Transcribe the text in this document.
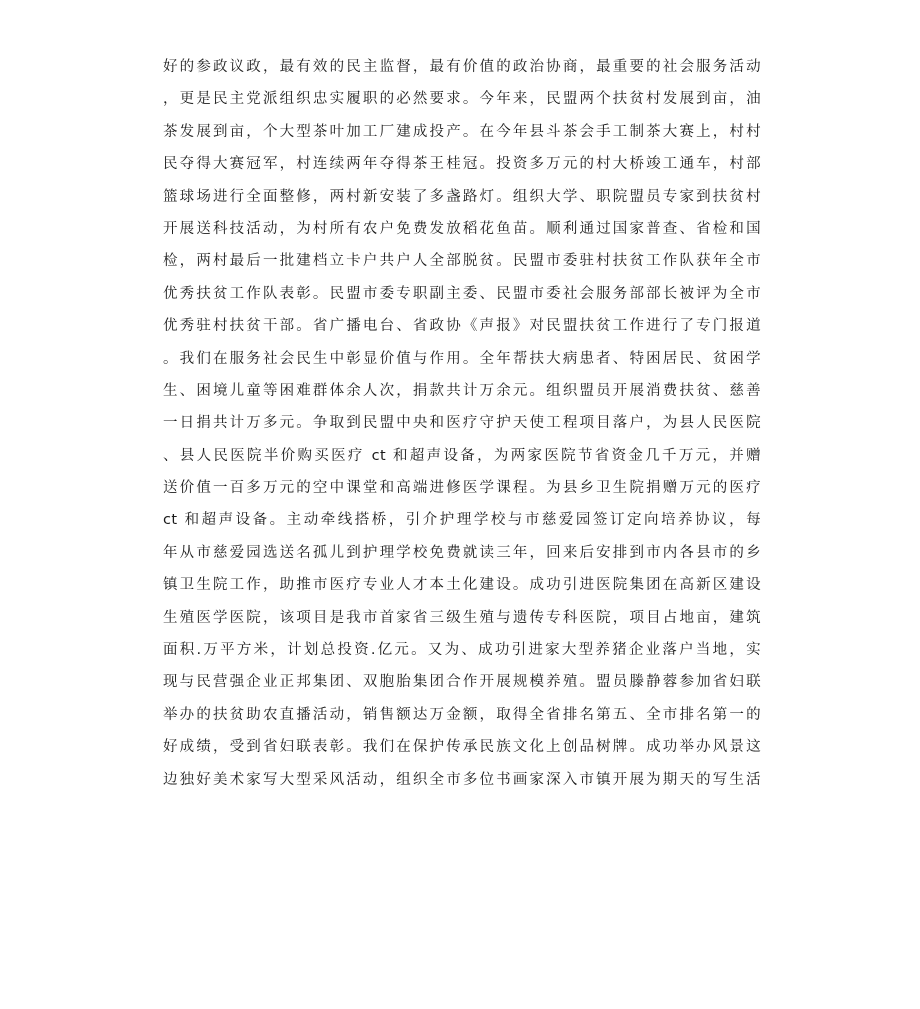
好的参政议政，最有效的民主监督，最有价值的政治协商，最重要的社会服务活动
，更是民主党派组织忠实履职的必然要求。今年来，民盟两个扶贫村发展到亩，油
茶发展到亩，个大型茶叶加工厂建成投产。在今年县斗茶会手工制茶大赛上，村村
民夺得大赛冠军，村连续两年夺得茶王桂冠。投资多万元的村大桥竣工通车，村部
篮球场进行全面整修，两村新安装了多盏路灯。组织大学、职院盟员专家到扶贫村
开展送科技活动，为村所有农户免费发放稻花鱼苗。顺利通过国家普查、省检和国
检，两村最后一批建档立卡户共户人全部脱贫。民盟市委驻村扶贫工作队获年全市
优秀扶贫工作队表彰。民盟市委专职副主委、民盟市委社会服务部部长被评为全市
优秀驻村扶贫干部。省广播电台、省政协《声报》对民盟扶贫工作进行了专门报道
。我们在服务社会民生中彰显价值与作用。全年帮扶大病患者、特困居民、贫困学
生、困境儿童等困难群体余人次，捐款共计万余元。组织盟员开展消费扶贫、慈善
一日捐共计万多元。争取到民盟中央和医疗守护天使工程项目落户，为县人民医院
、县人民医院半价购买医疗 ct 和超声设备，为两家医院节省资金几千万元，并赠
送价值一百多万元的空中课堂和高端进修医学课程。为县乡卫生院捐赠万元的医疗
ct 和超声设备。主动牵线搭桥，引介护理学校与市慈爱园签订定向培养协议，每
年从市慈爱园选送名孤儿到护理学校免费就读三年，回来后安排到市内各县市的乡
镇卫生院工作，助推市医疗专业人才本土化建设。成功引进医院集团在高新区建设
生殖医学医院，该项目是我市首家省三级生殖与遗传专科医院，项目占地亩，建筑
面积.万平方米，计划总投资.亿元。又为、成功引进家大型养猪企业落户当地，实
现与民营强企业正邦集团、双胞胎集团合作开展规模养殖。盟员滕静蓉参加省妇联
举办的扶贫助农直播活动，销售额达万金额，取得全省排名第五、全市排名第一的
好成绩，受到省妇联表彰。我们在保护传承民族文化上创品树牌。成功举办风景这
边独好美术家写大型采风活动，组织全市多位书画家深入市镇开展为期天的写生活
